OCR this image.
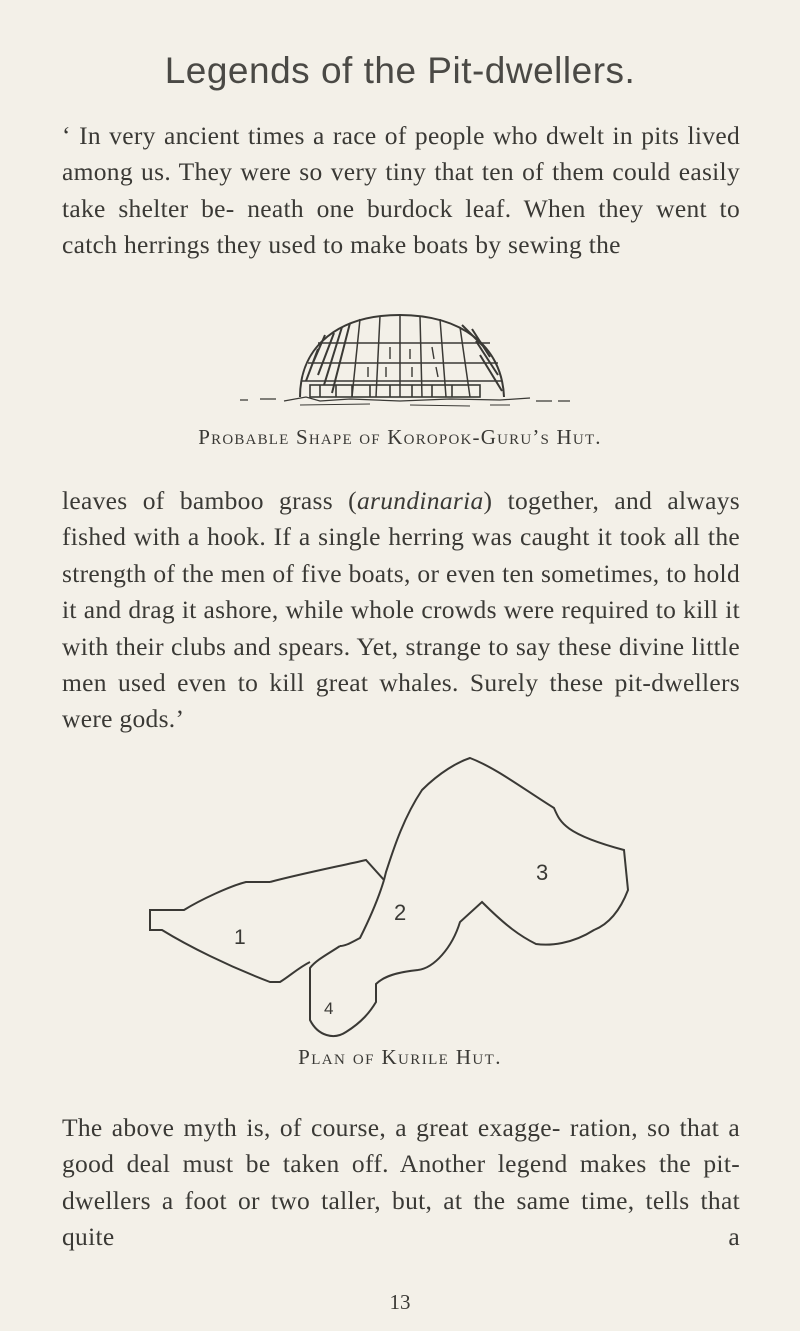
Legends of the Pit-dwellers.

‘ In very ancient times a race of people who dwelt in pits lived among us. They were so very tiny that ten of them could easily take shelter be- neath one burdock leaf. When they went to catch herrings they used to make boats by sewing the

Probable Shape of Koropok-Guru’s Hut.

leaves of bamboo grass (arundinaria) together, and always fished with a hook. If a single herring was caught it took all the strength of the men of five boats, or even ten sometimes, to hold it and drag it ashore, while whole crowds were required to kill it with their clubs and spears. Yet, strange to say these divine little men used even to kill great whales. Surely these pit-dwellers were gods.’

1
2
3
4

Plan of Kurile Hut.

The above myth is, of course, a great exagge- ration, so that a good deal must be taken off. Another legend makes the pit-dwellers a foot or two taller, but, at the same time, tells that quite a

13
